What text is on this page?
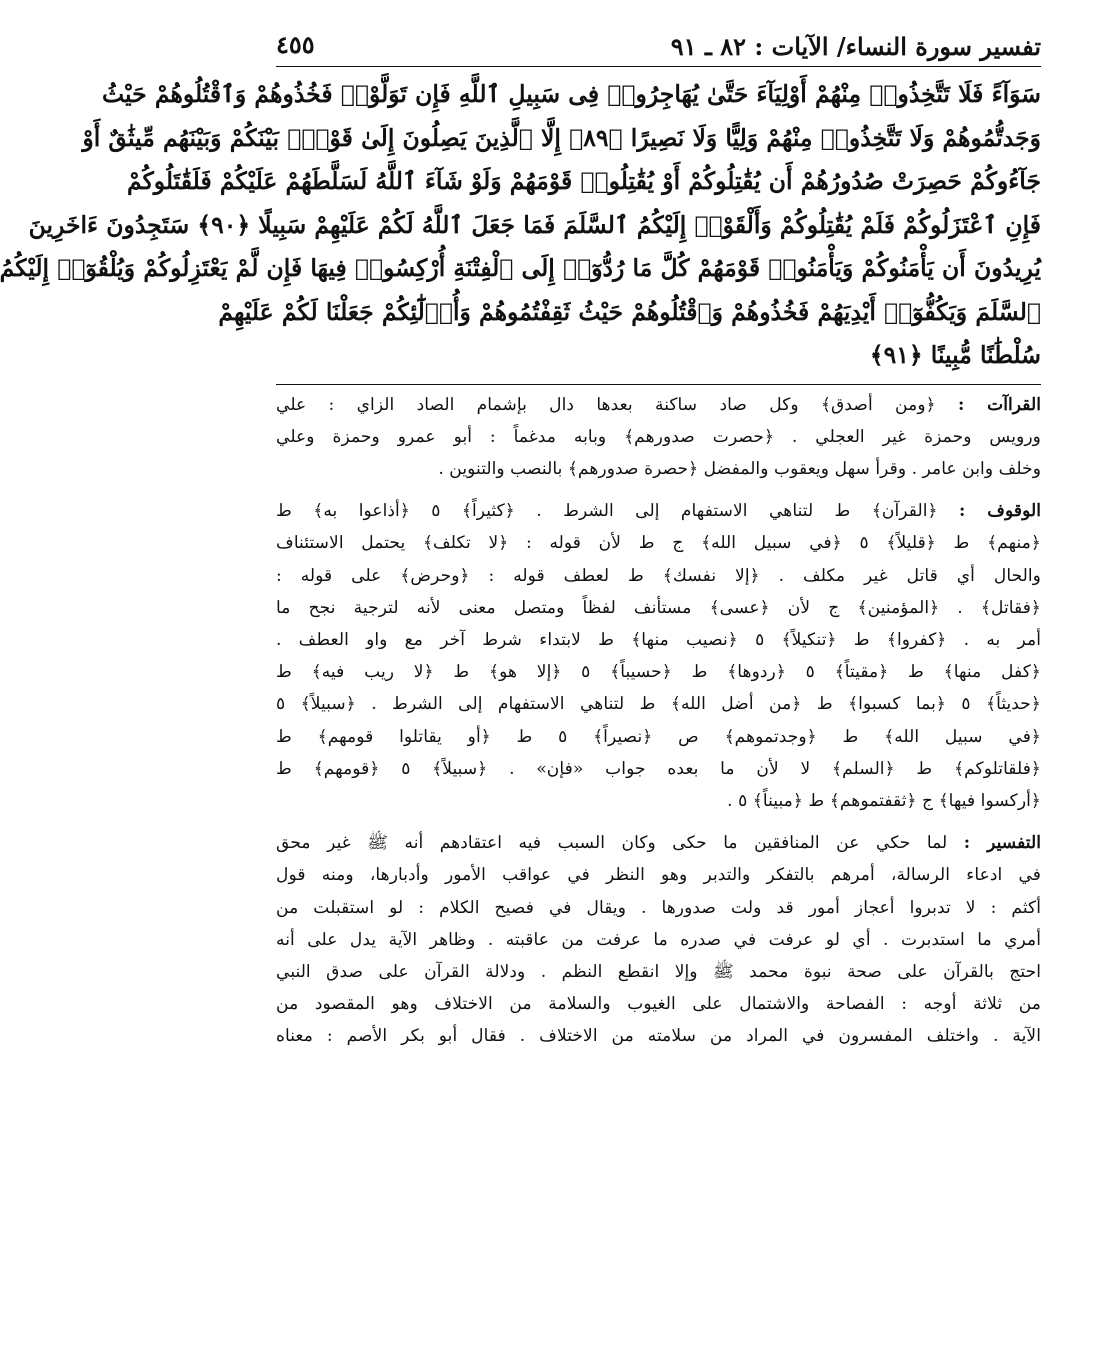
تفسير سورة النساء/ الآيات : ٨٢ ـ ٩١
٤٥٥
سَوَآءً فَلَا تَتَّخِذُوا۟ مِنْهُمْ أَوْلِيَآءَ حَتَّىٰ يُهَاجِرُوا۟ فِى سَبِيلِ ٱللَّهِ فَإِن تَوَلَّوْا۟ فَخُذُوهُمْ وَٱقْتُلُوهُمْ حَيْثُ
وَجَدتُّمُوهُمْ وَلَا تَتَّخِذُوا۟ مِنْهُمْ وَلِيًّا وَلَا نَصِيرًا ﴿٨٩﴾ إِلَّا ٱلَّذِينَ يَصِلُونَ إِلَىٰ قَوْمٍۭ بَيْنَكُمْ وَبَيْنَهُم مِّيثَٰقٌ أَوْ
جَآءُوكُمْ حَصِرَتْ صُدُورُهُمْ أَن يُقَٰتِلُوكُمْ أَوْ يُقَٰتِلُوا۟ قَوْمَهُمْ وَلَوْ شَآءَ ٱللَّهُ لَسَلَّطَهُمْ عَلَيْكُمْ فَلَقَٰتَلُوكُمْ
فَإِنِ ٱعْتَزَلُوكُمْ فَلَمْ يُقَٰتِلُوكُمْ وَأَلْقَوْا۟ إِلَيْكُمُ ٱلسَّلَمَ فَمَا جَعَلَ ٱللَّهُ لَكُمْ عَلَيْهِمْ سَبِيلًا ﴿٩٠﴾ سَتَجِدُونَ ءَاخَرِينَ
يُرِيدُونَ أَن يَأْمَنُوكُمْ وَيَأْمَنُوا۟ قَوْمَهُمْ كُلَّ مَا رُدُّوٓا۟ إِلَى ٱلْفِتْنَةِ أُرْكِسُوا۟ فِيهَا فَإِن لَّمْ يَعْتَزِلُوكُمْ وَيُلْقُوٓا۟ إِلَيْكُمُ
ٱلسَّلَمَ وَيَكُفُّوٓا۟ أَيْدِيَهُمْ فَخُذُوهُمْ وَٱقْتُلُوهُمْ حَيْثُ ثَقِفْتُمُوهُمْ وَأُو۟لَٰٓئِكُمْ جَعَلْنَا لَكُمْ عَلَيْهِمْ
سُلْطَٰنًا مُّبِينًا ﴿٩١﴾
القراآت : ﴿ومن أصدق﴾ وكل صاد ساكنة بعدها دال بإشمام الصاد الزاي : علي
ورويس وحمزة غير العجلي . ﴿حصرت صدورهم﴾ وبابه مدغماً : أبو عمرو وحمزة وعلي
وخلف وابن عامر . وقرأ سهل ويعقوب والمفضل ﴿حصرة صدورهم﴾ بالنصب والتنوين .
الوقوف : ﴿القرآن﴾ ط لتناهي الاستفهام إلى الشرط . ﴿كثيراً﴾ ٥ ﴿أذاعوا به﴾ ط
﴿منهم﴾ ط ﴿قليلاً﴾ ٥ ﴿في سبيل الله﴾ ج ط لأن قوله : ﴿لا تكلف﴾ يحتمل الاستئناف
والحال أي قاتل غير مكلف . ﴿إلا نفسك﴾ ط لعطف قوله : ﴿وحرض﴾ على قوله :
﴿فقاتل﴾ . ﴿المؤمنين﴾ ج لأن ﴿عسى﴾ مستأنف لفظاً ومتصل معنى لأنه لترجية نجح ما
أمر به . ﴿كفروا﴾ ط ﴿تنكيلاً﴾ ٥ ﴿نصيب منها﴾ ط لابتداء شرط آخر مع واو العطف .
﴿كفل منها﴾ ط ﴿مقيتاً﴾ ٥ ﴿ردوها﴾ ط ﴿حسيباً﴾ ٥ ﴿إلا هو﴾ ط ﴿لا ريب فيه﴾ ط
﴿حديثاً﴾ ٥ ﴿بما كسبوا﴾ ط ﴿من أضل الله﴾ ط لتناهي الاستفهام إلى الشرط . ﴿سبيلاً﴾ ٥
﴿في سبيل الله﴾ ط ﴿وجدتموهم﴾ ص ﴿نصيراً﴾ ٥ ط ﴿أو يقاتلوا قومهم﴾ ط
﴿فلقاتلوكم﴾ ط ﴿السلم﴾ لا لأن ما بعده جواب «فإن» . ﴿سبيلاً﴾ ٥ ﴿قومهم﴾ ط
﴿أركسوا فيها﴾ ج ﴿ثقفتموهم﴾ ط ﴿مبيناً﴾ ٥ .
التفسير : لما حكي عن المنافقين ما حكى وكان السبب فيه اعتقادهم أنه ﷺ غير محق
في ادعاء الرسالة، أمرهم بالتفكر والتدبر وهو النظر في عواقب الأمور وأدبارها، ومنه قول
أكثم : لا تدبروا أعجاز أمور قد ولت صدورها . ويقال في فصيح الكلام : لو استقبلت من
أمري ما استدبرت . أي لو عرفت في صدره ما عرفت من عاقبته . وظاهر الآية يدل على أنه
احتج بالقرآن على صحة نبوة محمد ﷺ وإلا انقطع النظم . ودلالة القرآن على صدق النبي
من ثلاثة أوجه : الفصاحة والاشتمال على الغيوب والسلامة من الاختلاف وهو المقصود من
الآية . واختلف المفسرون في المراد من سلامته من الاختلاف . فقال أبو بكر الأصم : معناه
